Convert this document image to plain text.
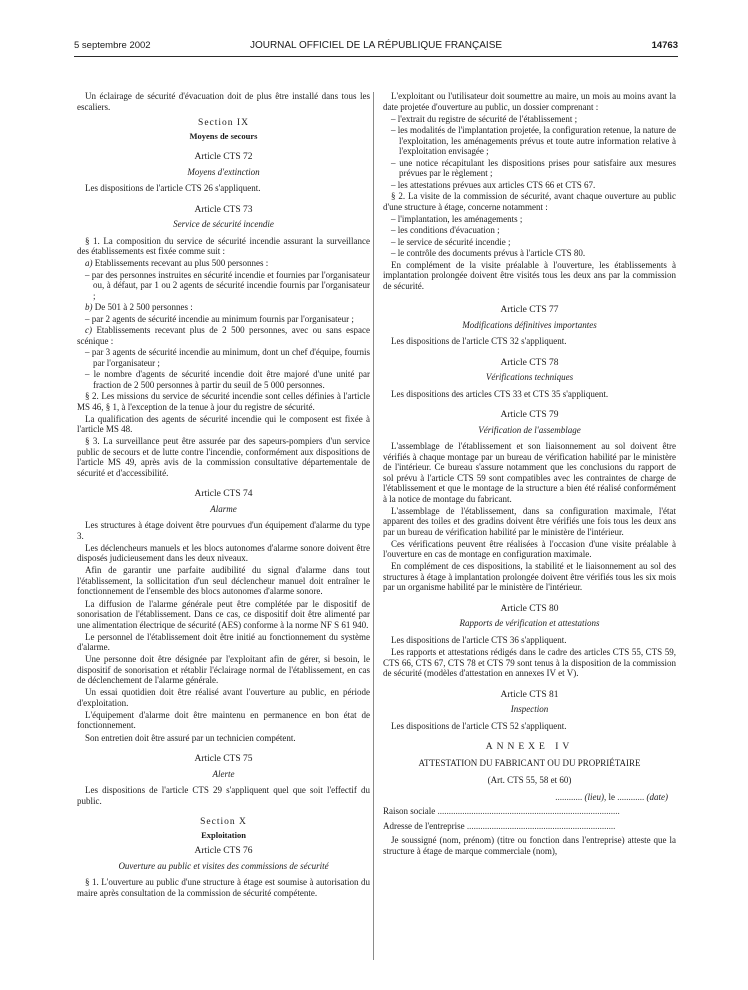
5 septembre 2002	JOURNAL OFFICIEL DE LA RÉPUBLIQUE FRANÇAISE	14763

Un éclairage de sécurité d'évacuation doit de plus être installé dans tous les escaliers.

Section IX
Moyens de secours
Article CTS 72
Moyens d'extinction

Les dispositions de l'article CTS 26 s'appliquent.

Article CTS 73
Service de sécurité incendie

§ 1. La composition du service de sécurité incendie assurant la surveillance des établissements est fixée comme suit :

a) Etablissements recevant au plus 500 personnes :

– par des personnes instruites en sécurité incendie et fournies par l'organisateur ou, à défaut, par 1 ou 2 agents de sécurité incendie fournis par l'organisateur ;

b) De 501 à 2 500 personnes :

– par 2 agents de sécurité incendie au minimum fournis par l'organisateur ;

c) Etablissements recevant plus de 2 500 personnes, avec ou sans espace scénique :

– par 3 agents de sécurité incendie au minimum, dont un chef d'équipe, fournis par l'organisateur ;

– le nombre d'agents de sécurité incendie doit être majoré d'une unité par fraction de 2 500 personnes à partir du seuil de 5 000 personnes.

§ 2. Les missions du service de sécurité incendie sont celles définies à l'article MS 46, § 1, à l'exception de la tenue à jour du registre de sécurité.

La qualification des agents de sécurité incendie qui le composent est fixée à l'article MS 48.

§ 3. La surveillance peut être assurée par des sapeurs-pompiers d'un service public de secours et de lutte contre l'incendie, conformément aux dispositions de l'article MS 49, après avis de la commission consultative départementale de sécurité et d'accessibilité.

Article CTS 74
Alarme

Les structures à étage doivent être pourvues d'un équipement d'alarme du type 3.

Les déclencheurs manuels et les blocs autonomes d'alarme sonore doivent être disposés judicieusement dans les deux niveaux.

Afin de garantir une parfaite audibilité du signal d'alarme dans tout l'établissement, la sollicitation d'un seul déclencheur manuel doit entraîner le fonctionnement de l'ensemble des blocs autonomes d'alarme sonore.

La diffusion de l'alarme générale peut être complétée par le dispositif de sonorisation de l'établissement. Dans ce cas, ce dispositif doit être alimenté par une alimentation électrique de sécurité (AES) conforme à la norme NF S 61 940.

Le personnel de l'établissement doit être initié au fonctionnement du système d'alarme.

Une personne doit être désignée par l'exploitant afin de gérer, si besoin, le dispositif de sonorisation et rétablir l'éclairage normal de l'établissement, en cas de déclenchement de l'alarme générale.

Un essai quotidien doit être réalisé avant l'ouverture au public, en période d'exploitation.

L'équipement d'alarme doit être maintenu en permanence en bon état de fonctionnement.

Son entretien doit être assuré par un technicien compétent.

Article CTS 75
Alerte

Les dispositions de l'article CTS 29 s'appliquent quel que soit l'effectif du public.

Section X
Exploitation
Article CTS 76
Ouverture au public et visites des commissions de sécurité

§ 1. L'ouverture au public d'une structure à étage est soumise à autorisation du maire après consultation de la commission de sécurité compétente.

L'exploitant ou l'utilisateur doit soumettre au maire, un mois au moins avant la date projetée d'ouverture au public, un dossier comprenant :

– l'extrait du registre de sécurité de l'établissement ;

– les modalités de l'implantation projetée, la configuration retenue, la nature de l'exploitation, les aménagements prévus et toute autre information relative à l'exploitation envisagée ;

– une notice récapitulant les dispositions prises pour satisfaire aux mesures prévues par le règlement ;

– les attestations prévues aux articles CTS 66 et CTS 67.

§ 2. La visite de la commission de sécurité, avant chaque ouverture au public d'une structure à étage, concerne notamment :

– l'implantation, les aménagements ;

– les conditions d'évacuation ;

– le service de sécurité incendie ;

– le contrôle des documents prévus à l'article CTS 80.

En complément de la visite préalable à l'ouverture, les établissements à implantation prolongée doivent être visités tous les deux ans par la commission de sécurité.

Article CTS 77
Modifications définitives importantes

Les dispositions de l'article CTS 32 s'appliquent.

Article CTS 78
Vérifications techniques

Les dispositions des articles CTS 33 et CTS 35 s'appliquent.

Article CTS 79
Vérification de l'assemblage

L'assemblage de l'établissement et son liaisonnement au sol doivent être vérifiés à chaque montage par un bureau de vérification habilité par le ministère de l'intérieur. Ce bureau s'assure notamment que les conclusions du rapport de sol prévu à l'article CTS 59 sont compatibles avec les contraintes de charge de l'établissement et que le montage de la structure a bien été réalisé conformément à la notice de montage du fabricant.

L'assemblage de l'établissement, dans sa configuration maximale, l'état apparent des toiles et des gradins doivent être vérifiés une fois tous les deux ans par un bureau de vérification habilité par le ministère de l'intérieur.

Ces vérifications peuvent être réalisées à l'occasion d'une visite préalable à l'ouverture en cas de montage en configuration maximale.

En complément de ces dispositions, la stabilité et le liaisonnement au sol des structures à étage à implantation prolongée doivent être vérifiés tous les six mois par un organisme habilité par le ministère de l'intérieur.

Article CTS 80
Rapports de vérification et attestations

Les dispositions de l'article CTS 36 s'appliquent.

Les rapports et attestations rédigés dans le cadre des articles CTS 55, CTS 59, CTS 66, CTS 67, CTS 78 et CTS 79 sont tenus à la disposition de la commission de sécurité (modèles d'attestation en annexes IV et V).

Article CTS 81
Inspection

Les dispositions de l'article CTS 52 s'appliquent.

ANNEXE IV
ATTESTATION DU FABRICANT OU DU PROPRIÉTAIRE
(Art. CTS 55, 58 et 60)
............ (lieu), le ............ (date)

Raison sociale .................................................................................

Adresse de l'entreprise ..................................................................

Je soussigné (nom, prénom) (titre ou fonction dans l'entreprise) atteste que la structure à étage de marque commerciale (nom),
